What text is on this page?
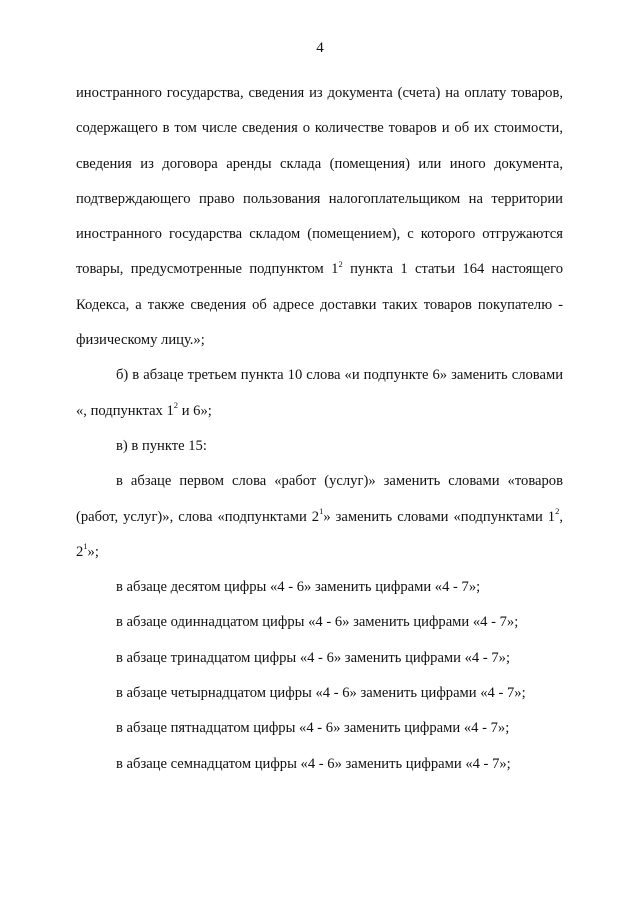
4

иностранного государства, сведения из документа (счета) на оплату товаров, содержащего в том числе сведения о количестве товаров и об их стоимости, сведения из договора аренды склада (помещения) или иного документа, подтверждающего право пользования налогоплательщиком на территории иностранного государства складом (помещением), с которого отгружаются товары, предусмотренные подпунктом $1^2$ пункта 1 статьи 164 настоящего Кодекса, а также сведения об адресе доставки таких товаров покупателю - физическому лицу.»;

б) в абзаце третьем пункта 10 слова «и подпункте 6» заменить словами «, подпунктах $1^2$ и 6»;

в) в пункте 15:

в абзаце первом слова «работ (услуг)» заменить словами «товаров (работ, услуг)», слова «подпунктами $2^1$» заменить словами «подпунктами $1^2$, $2^1$»;

в абзаце десятом цифры «4 - 6» заменить цифрами «4 - 7»;

в абзаце одиннадцатом цифры «4 - 6» заменить цифрами «4 - 7»;

в абзаце тринадцатом цифры «4 - 6» заменить цифрами «4 - 7»;

в абзаце четырнадцатом цифры «4 - 6» заменить цифрами «4 - 7»;

в абзаце пятнадцатом цифры «4 - 6» заменить цифрами «4 - 7»;

в абзаце семнадцатом цифры «4 - 6» заменить цифрами «4 - 7»;
